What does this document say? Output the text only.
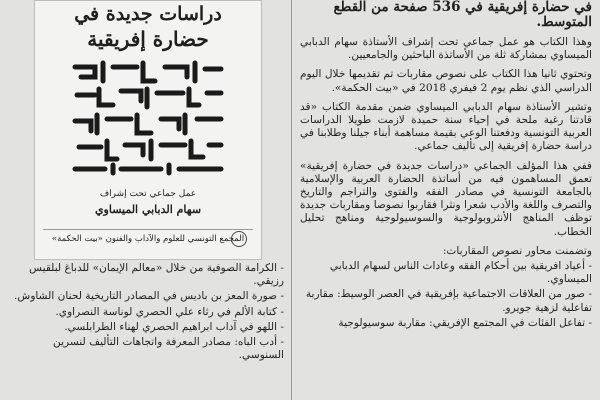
في حضارة إفريقية في 536 صفحة من القطع المتوسط.

وهذا الكتاب هو عمل جماعي تحت إشراف الأستاذة سهام الدبابي الميساوي بمشاركة ثلة من الأساتذة الباحثين والجامعيين.

وتحتوي ثانيا هذا الكتاب على نصوص مقاربات تم تقديمها خلال اليوم الدراسي الذي نظم يوم 2 فيفري 2018 في «بيت الحكمة».

وتشير الأستاذة سهام الدبابي الميساوي ضمن مقدمة الكتاب «قد قادتنا رغبة ملحة في إحياء سنة حميدة لازمت طويلا الدراسات العربية التونسية ودفعتنا الوعي بقيمة مساهمة أبناء جيلنا وطلابنا في دراسة حضارة إفريقية إلى تأليف جماعي.

ففي هذا المؤلف الجماعي «دراسات جديدة في حضارة إفريقية» تعمق المساهمون فيه من أساتذة الحضارة العربية والإسلامية بالجامعة التونسية في مصادر الفقه والفتوى والتراجم والتاريخ والتصرف واللغة والأدب شعرا ونثرا فقاربوا نصوصا ومقاربات جديدة توظف المناهج الأنثروبولوجية والسوسيولوجية ومناهج تحليل الخطاب.

وتضمنت محاور نصوص المقاربات:

- أعياد افريقية بين أحكام الفقه وعادات الناس لسهام الدبابي الميساوي.
- صور من العلاقات الاجتماعية بإفريقية في العصر الوسيط: مقاربة تفاعلية لزهية جويرو.
- تفاعل الفئات في المجتمع الإفريقي: مقاربة سوسيولوجية

دراسات جديدة في

حضارة إفريقية

عمل جماعي تحت إشراف

سهام الدبابي الميساوي

المجمع التونسي للعلوم والآداب والفنون «بيت الحكمة»

- الكرامة الصوفية من خلال «معالم الإيمان» للدباغ لبلقيس رزيقي.

- صورة المعز بن باديس في المصادر التاريخية لحنان الشاوش.

- كتابة الألم في رثاء علي الحصري لوناسة النصراوي.

- اللهو في آداب ابراهيم الحصري لهناء الطرابلسي.

- أدب الباه: مصادر المعرفة واتجاهات التأليف لنسرين السنوسي.
